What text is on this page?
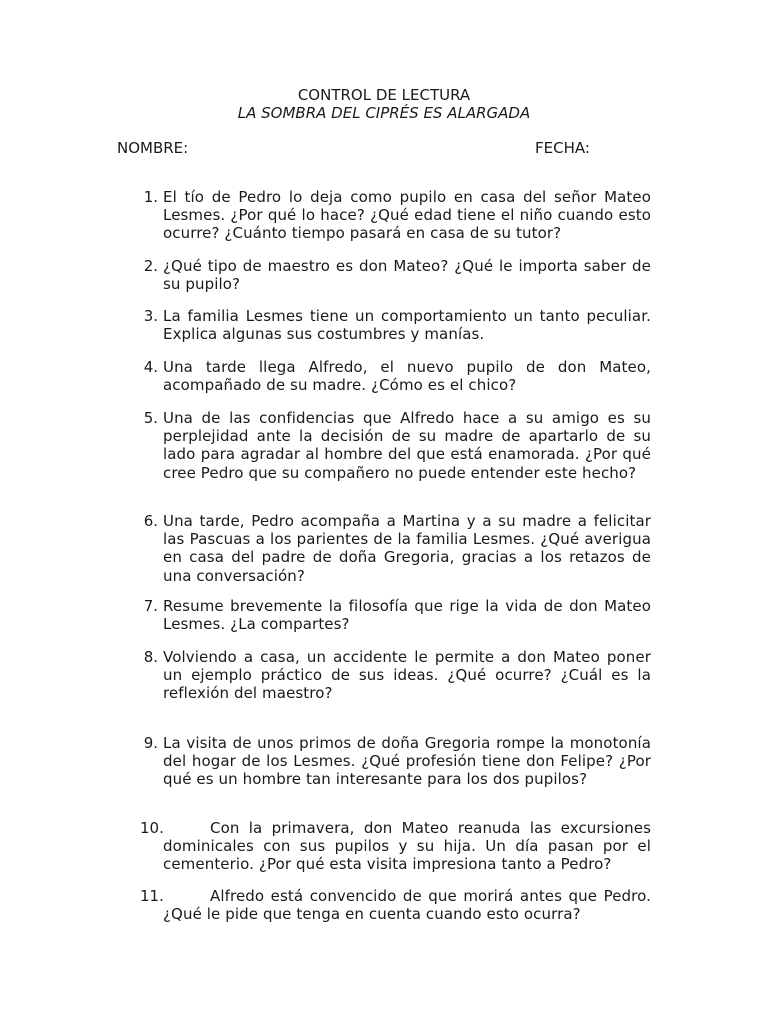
CONTROL DE LECTURA
LA SOMBRA DEL CIPRÉS ES ALARGADA
NOMBRE:	FECHA:
1. El tío de Pedro lo deja como pupilo en casa del señor Mateo Lesmes. ¿Por qué lo hace? ¿Qué edad tiene el niño cuando esto ocurre? ¿Cuánto tiempo pasará en casa de su tutor?
2. ¿Qué tipo de maestro es don Mateo? ¿Qué le importa saber de su pupilo?
3. La familia Lesmes tiene un comportamiento un tanto peculiar. Explica algunas sus costumbres y manías.
4. Una tarde llega Alfredo, el nuevo pupilo de don Mateo, acompañado de su madre. ¿Cómo es el chico?
5. Una de las confidencias que Alfredo hace a su amigo es su perplejidad ante la decisión de su madre de apartarlo de su lado para agradar al hombre del que está enamorada. ¿Por qué cree Pedro que su compañero no puede entender este hecho?
6. Una tarde, Pedro acompaña a Martina y a su madre a felicitar las Pascuas a los parientes de la familia Lesmes. ¿Qué averigua en casa del padre de doña Gregoria, gracias a los retazos de una conversación?
7. Resume brevemente la filosofía que rige la vida de don Mateo Lesmes. ¿La compartes?
8. Volviendo a casa, un accidente le permite a don Mateo poner un ejemplo práctico de sus ideas. ¿Qué ocurre? ¿Cuál es la reflexión del maestro?
9. La visita de unos primos de doña Gregoria rompe la monotonía del hogar de los Lesmes. ¿Qué profesión tiene don Felipe? ¿Por qué es un hombre tan interesante para los dos pupilos?
10.	Con la primavera, don Mateo reanuda las excursiones dominicales con sus pupilos y su hija. Un día pasan por el cementerio. ¿Por qué esta visita impresiona tanto a Pedro?
11.	Alfredo está convencido de que morirá antes que Pedro. ¿Qué le pide que tenga en cuenta cuando esto ocurra?
